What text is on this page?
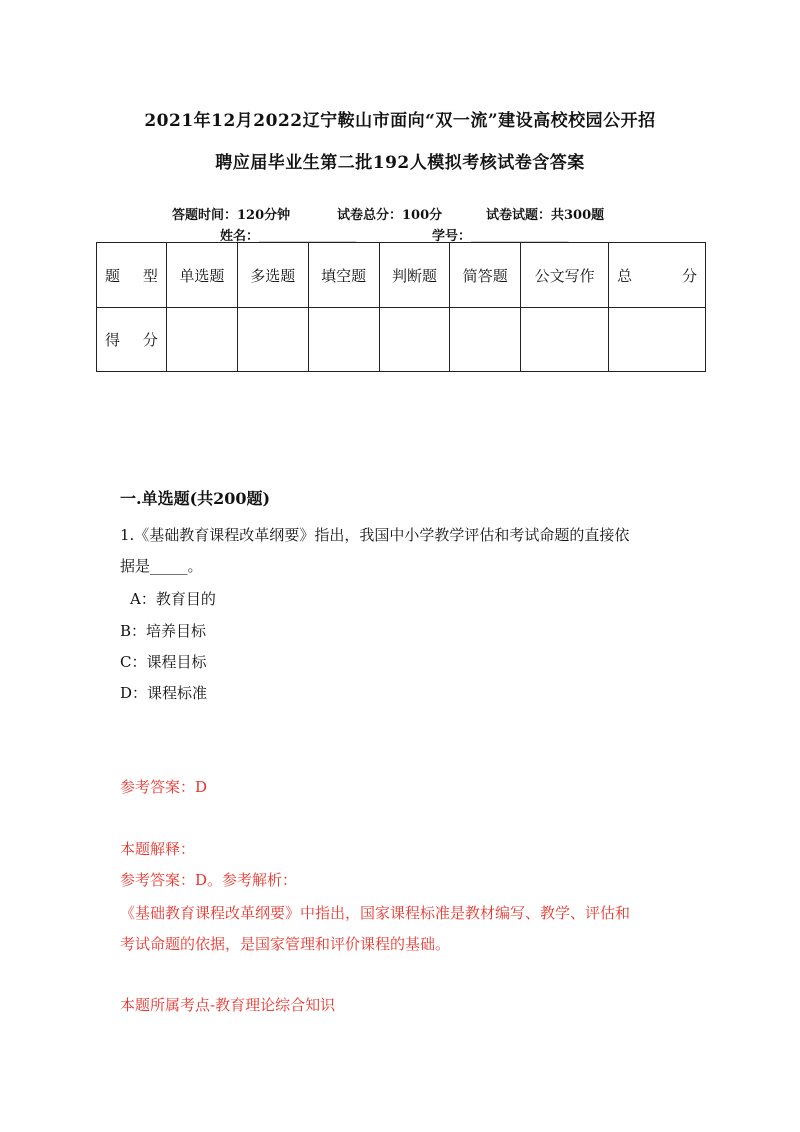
2021年12月2022辽宁鞍山市面向“双一流”建设高校校园公开招
聘应届毕业生第二批192人模拟考核试卷含答案
答题时间：120分钟	试卷总分：100分	试卷试题：共300题
姓名：_______________	学号：_______________
题 型	单选题	多选题	填空题	判断题	简答题	公文写作	总 分

得 分							

一.单选题(共200题)
1.《基础教育课程改革纲要》指出，我国中小学教学评估和考试命题的直接依
据是_____。
A：教育目的
B：培养目标
C：课程目标
D：课程标准
参考答案：D
本题解释：
参考答案：D。参考解析：
《基础教育课程改革纲要》中指出，国家课程标准是教材编写、教学、评估和
考试命题的依据，是国家管理和评价课程的基础。
本题所属考点-教育理论综合知识
